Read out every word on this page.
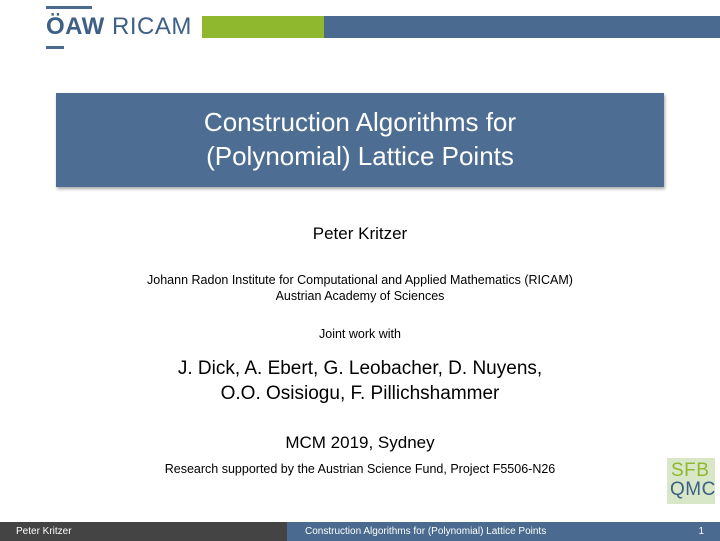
ÖAW RICAM
Construction Algorithms for
(Polynomial) Lattice Points
Peter Kritzer
Johann Radon Institute for Computational and Applied Mathematics (RICAM)
Austrian Academy of Sciences
Joint work with
J. Dick, A. Ebert, G. Leobacher, D. Nuyens,
O.O. Osisiogu, F. Pillichshammer
MCM 2019, Sydney
Research supported by the Austrian Science Fund, Project F5506-N26	SFB
QMC
Peter Kritzer	Construction Algorithms for (Polynomial) Lattice Points	1
